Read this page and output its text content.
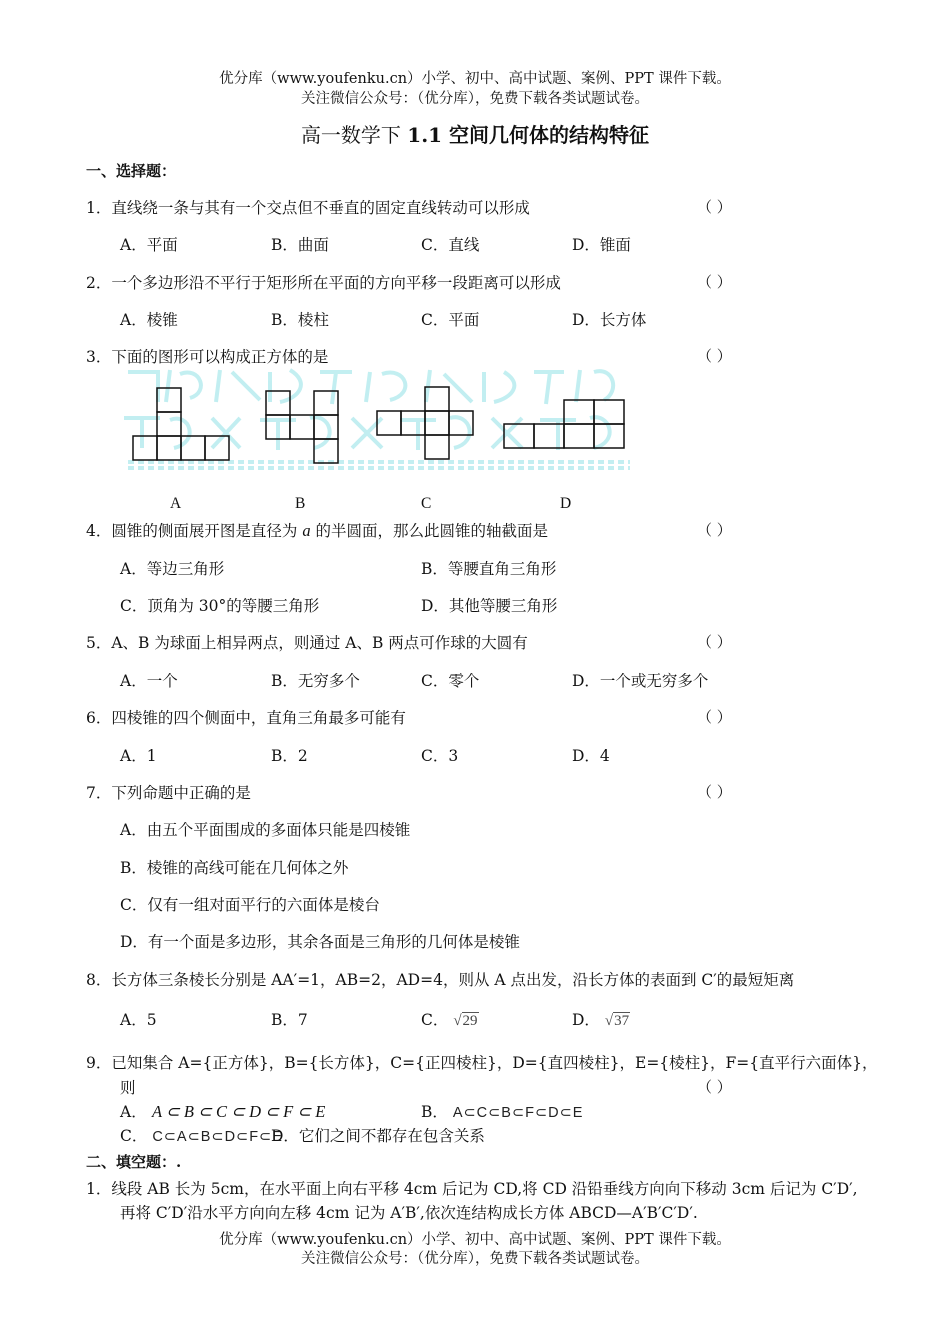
优分库（www.youfenku.cn）小学、初中、高中试题、案例、PPT 课件下载。
关注微信公众号：（优分库），免费下载各类试题试卷。
高一数学下 1.1 空间几何体的结构特征
一、选择题：
1．直线绕一条与其有一个交点但不垂直的固定直线转动可以形成	（ ）
A．平面	B．曲面	C．直线	D．锥面
2．一个多边形沿不平行于矩形所在平面的方向平移一段距离可以形成	（ ）
A．棱锥	B．棱柱	C．平面	D．长方体
3．下面的图形可以构成正方体的是	（ ）
A	B	C	D
4．圆锥的侧面展开图是直径为 a 的半圆面，那么此圆锥的轴截面是	（ ）
A．等边三角形	B．等腰直角三角形
C．顶角为 30°的等腰三角形	D．其他等腰三角形
5．A、B 为球面上相异两点，则通过 A、B 两点可作球的大圆有	（ ）
A．一个	B．无穷多个	C．零个	D．一个或无穷多个
6．四棱锥的四个侧面中，直角三角最多可能有	（ ）
A．1	B．2	C．3	D．4
7．下列命题中正确的是	（ ）
A．由五个平面围成的多面体只能是四棱锥
B．棱锥的高线可能在几何体之外
C．仅有一组对面平行的六面体是棱台
D．有一个面是多边形，其余各面是三角形的几何体是棱锥
8．长方体三条棱长分别是 AA′=1，AB=2，AD=4，则从 A 点出发，沿长方体的表面到 C′的最短矩离
A．5	B．7	C． √29	D． √37
9．已知集合 A={正方体}，B={长方体}，C={正四棱柱}，D={直四棱柱}，E={棱柱}，F={直平行六面体}，
则	（ ）
A． A ⊂ B ⊂ C ⊂ D ⊂ F ⊂ E	B． A⊂C⊂B⊂F⊂D⊂E
C． C⊂A⊂B⊂D⊂F⊂E
D．它们之间不都存在包含关系
二、填空题：.
1．线段 AB 长为 5cm，在水平面上向右平移 4cm 后记为 CD,将 CD 沿铅垂线方向向下移动 3cm 后记为 C′D′,
再将 C′D′沿水平方向向左移 4cm 记为 A′B′,依次连结构成长方体 ABCD—A′B′C′D′.
优分库（www.youfenku.cn）小学、初中、高中试题、案例、PPT 课件下载。
关注微信公众号：（优分库），免费下载各类试题试卷。
